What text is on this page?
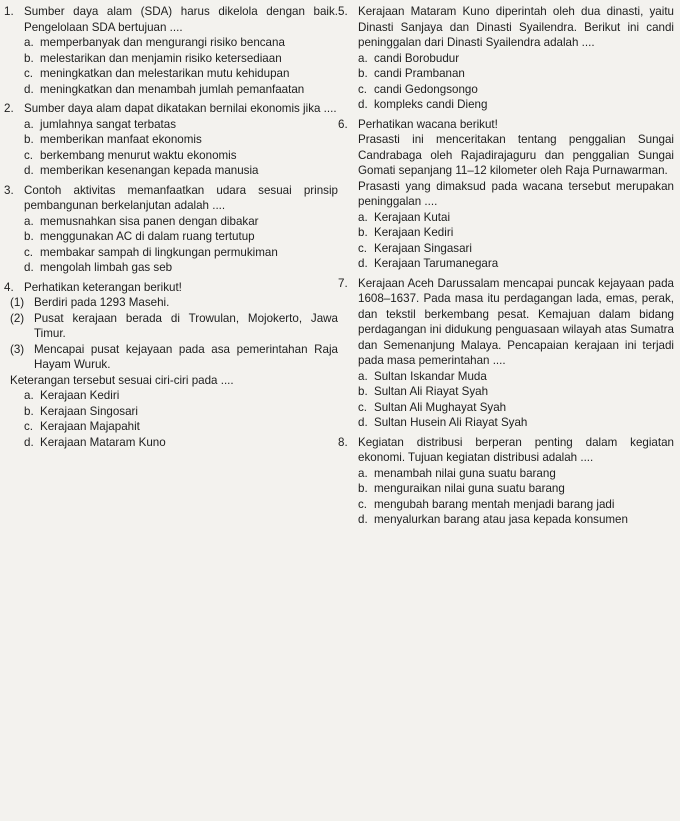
1. Sumber daya alam (SDA) harus dikelola dengan baik. Pengelolaan SDA bertujuan ....
a. memperbanyak dan mengurangi risiko bencana
b. melestarikan dan menjamin risiko ketersediaan
c. meningkatkan dan melestarikan mutu kehidupan
d. meningkatkan dan menambah jumlah pemanfaatan
2. Sumber daya alam dapat dikatakan bernilai ekonomis jika ....
a. jumlahnya sangat terbatas
b. memberikan manfaat ekonomis
c. berkembang menurut waktu ekonomis
d. memberikan kesenangan kepada manusia
3. Contoh aktivitas memanfaatkan udara sesuai prinsip pembangunan berkelanjutan adalah ....
a. memusnahkan sisa panen dengan dibakar
b. menggunakan AC di dalam ruang tertutup
c. membakar sampah di lingkungan permukiman
d. mengolah limbah gas seb
4. Perhatikan keterangan berikut!
(1) Berdiri pada 1293 Masehi.
(2) Pusat kerajaan berada di Trowulan, Mojokerto, Jawa Timur.
(3) Mencapai pusat kejayaan pada asa pemerintahan Raja Hayam Wuruk.
Keterangan tersebut sesuai ciri-ciri pada ....
a. Kerajaan Kediri
b. Kerajaan Singosari
c. Kerajaan Majapahit
d. Kerajaan Mataram Kuno
5. Kerajaan Mataram Kuno diperintah oleh dua dinasti, yaitu Dinasti Sanjaya dan Dinasti Syailendra. Berikut ini candi peninggalan dari Dinasti Syailendra adalah ....
a. candi Borobudur
b. candi Prambanan
c. candi Gedongsongo
d. kompleks candi Dieng
6. Perhatikan wacana berikut!
Prasasti ini menceritakan tentang penggalian Sungai Candrabaga oleh Rajadirajaguru dan penggalian Sungai Gomati sepanjang 11–12 kilometer oleh Raja Purnawarman.
Prasasti yang dimaksud pada wacana tersebut merupakan peninggalan ....
a. Kerajaan Kutai
b. Kerajaan Kediri
c. Kerajaan Singasari
d. Kerajaan Tarumanegara
7. Kerajaan Aceh Darussalam mencapai puncak kejayaan pada 1608–1637. Pada masa itu perdagangan lada, emas, perak, dan tekstil berkembang pesat. Kemajuan dalam bidang perdagangan ini didukung penguasaan wilayah atas Sumatra dan Semenanjung Malaya. Pencapaian kerajaan ini terjadi pada masa pemerintahan ....
a. Sultan Iskandar Muda
b. Sultan Ali Riayat Syah
c. Sultan Ali Mughayat Syah
d. Sultan Husein Ali Riayat Syah
8. Kegiatan distribusi berperan penting dalam kegiatan ekonomi. Tujuan kegiatan distribusi adalah ....
a. menambah nilai guna suatu barang
b. menguraikan nilai guna suatu barang
c. mengubah barang mentah menjadi barang jadi
d. menyalurkan barang atau jasa kepada konsumen
